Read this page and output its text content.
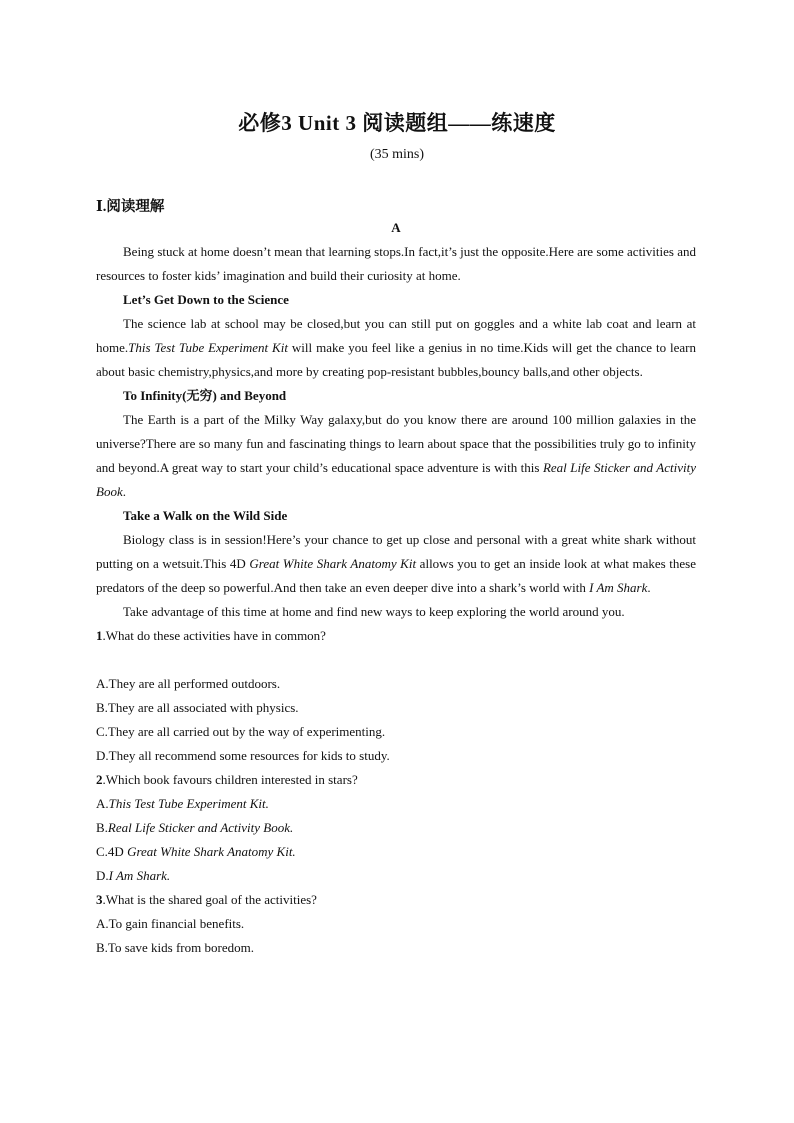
必修3 Unit 3 阅读题组——练速度
(35 mins)
Ⅰ.阅读理解

A

Being stuck at home doesn’t mean that learning stops.In fact,it’s just the opposite.Here are some activities and resources to foster kids’ imagination and build their curiosity at home.

Let’s Get Down to the Science

The science lab at school may be closed,but you can still put on goggles and a white lab coat and learn at home.This Test Tube Experiment Kit will make you feel like a genius in no time.Kids will get the chance to learn about basic chemistry,physics,and more by creating pop-resistant bubbles,bouncy balls,and other objects.

To Infinity(无穷) and Beyond

The Earth is a part of the Milky Way galaxy,but do you know there are around 100 million galaxies in the universe?There are so many fun and fascinating things to learn about space that the possibilities truly go to infinity and beyond.A great way to start your child’s educational space adventure is with this Real Life Sticker and Activity Book.

Take a Walk on the Wild Side

Biology class is in session!Here’s your chance to get up close and personal with a great white shark without putting on a wetsuit.This 4D Great White Shark Anatomy Kit allows you to get an inside look at what makes these predators of the deep so powerful.And then take an even deeper dive into a shark’s world with I Am Shark.

Take advantage of this time at home and find new ways to keep exploring the world around you.

1.What do these activities have in common?

A.They are all performed outdoors.

B.They are all associated with physics.

C.They are all carried out by the way of experimenting.

D.They all recommend some resources for kids to study.

2.Which book favours children interested in stars?

A.This Test Tube Experiment Kit.

B.Real Life Sticker and Activity Book.

C.4D Great White Shark Anatomy Kit.

D.I Am Shark.

3.What is the shared goal of the activities?

A.To gain financial benefits.

B.To save kids from boredom.
